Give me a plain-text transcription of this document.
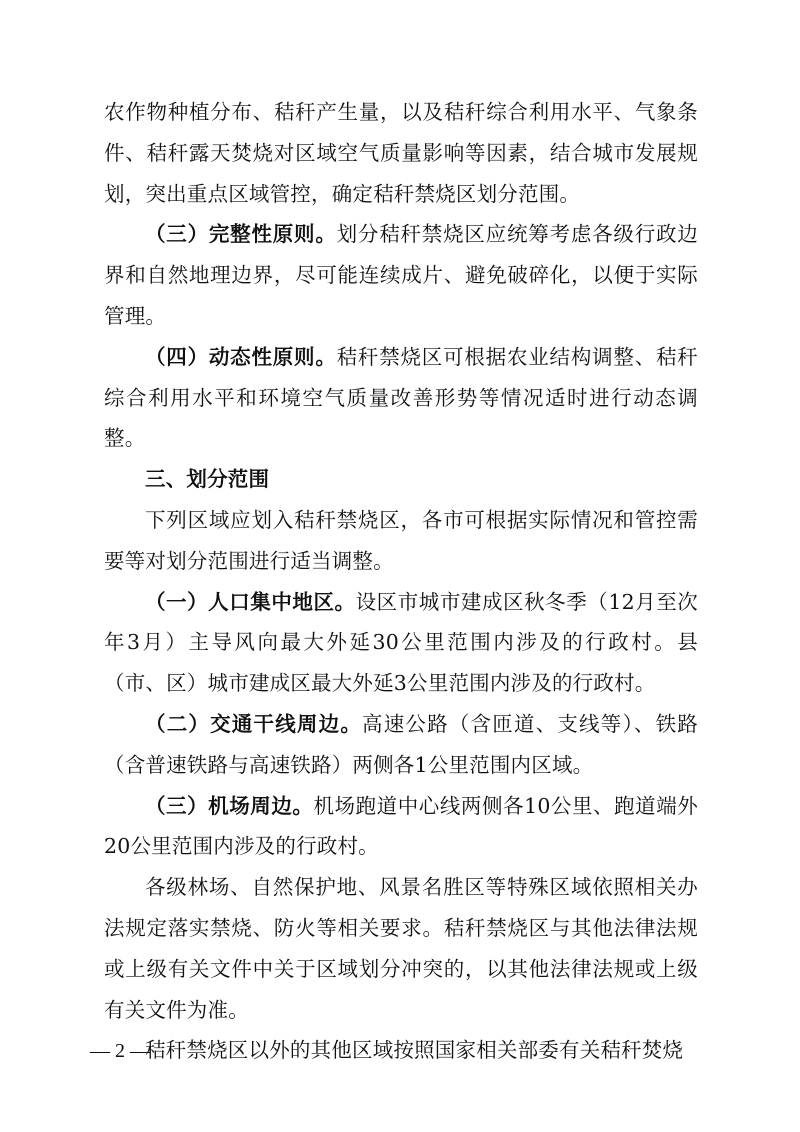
农作物种植分布、秸秆产生量，以及秸秆综合利用水平、气象条件、秸秆露天焚烧对区域空气质量影响等因素，结合城市发展规划，突出重点区域管控，确定秸秆禁烧区划分范围。

（三）完整性原则。划分秸秆禁烧区应统筹考虑各级行政边界和自然地理边界，尽可能连续成片、避免破碎化，以便于实际管理。

（四）动态性原则。秸秆禁烧区可根据农业结构调整、秸秆综合利用水平和环境空气质量改善形势等情况适时进行动态调整。

三、划分范围

下列区域应划入秸秆禁烧区，各市可根据实际情况和管控需要等对划分范围进行适当调整。

（一）人口集中地区。设区市城市建成区秋冬季（12月至次年3月）主导风向最大外延30公里范围内涉及的行政村。县（市、区）城市建成区最大外延3公里范围内涉及的行政村。

（二）交通干线周边。高速公路（含匝道、支线等）、铁路（含普速铁路与高速铁路）两侧各1公里范围内区域。

（三）机场周边。机场跑道中心线两侧各10公里、跑道端外20公里范围内涉及的行政村。

各级林场、自然保护地、风景名胜区等特殊区域依照相关办法规定落实禁烧、防火等相关要求。秸秆禁烧区与其他法律法规或上级有关文件中关于区域划分冲突的，以其他法律法规或上级有关文件为准。

秸秆禁烧区以外的其他区域按照国家相关部委有关秸秆焚烧

— 2 —
